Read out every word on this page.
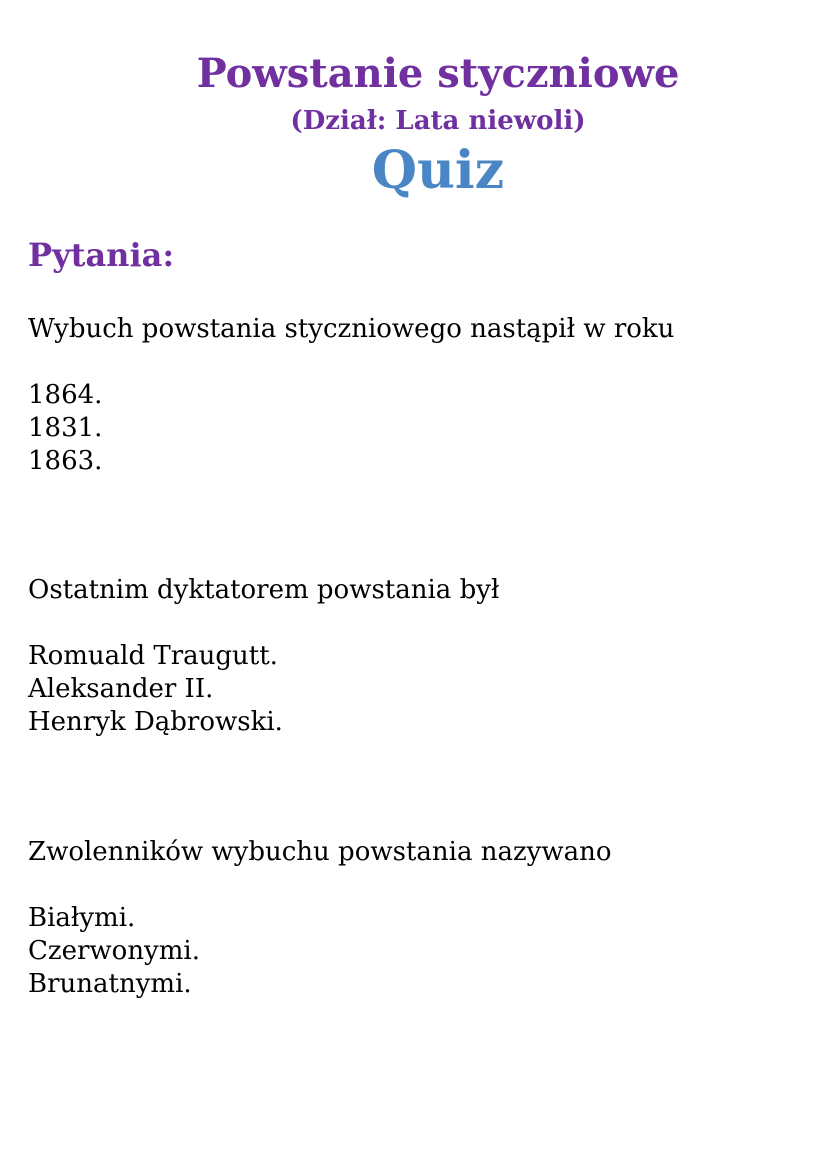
Powstanie styczniowe
(Dział: Lata niewoli)
Quiz
Pytania:

Wybuch powstania styczniowego nastąpił w roku

1864.
1831.
1863.

Ostatnim dyktatorem powstania był

Romuald Traugutt.
Aleksander II.
Henryk Dąbrowski.

Zwolenników wybuchu powstania nazywano

Białymi.
Czerwonymi.
Brunatnymi.
